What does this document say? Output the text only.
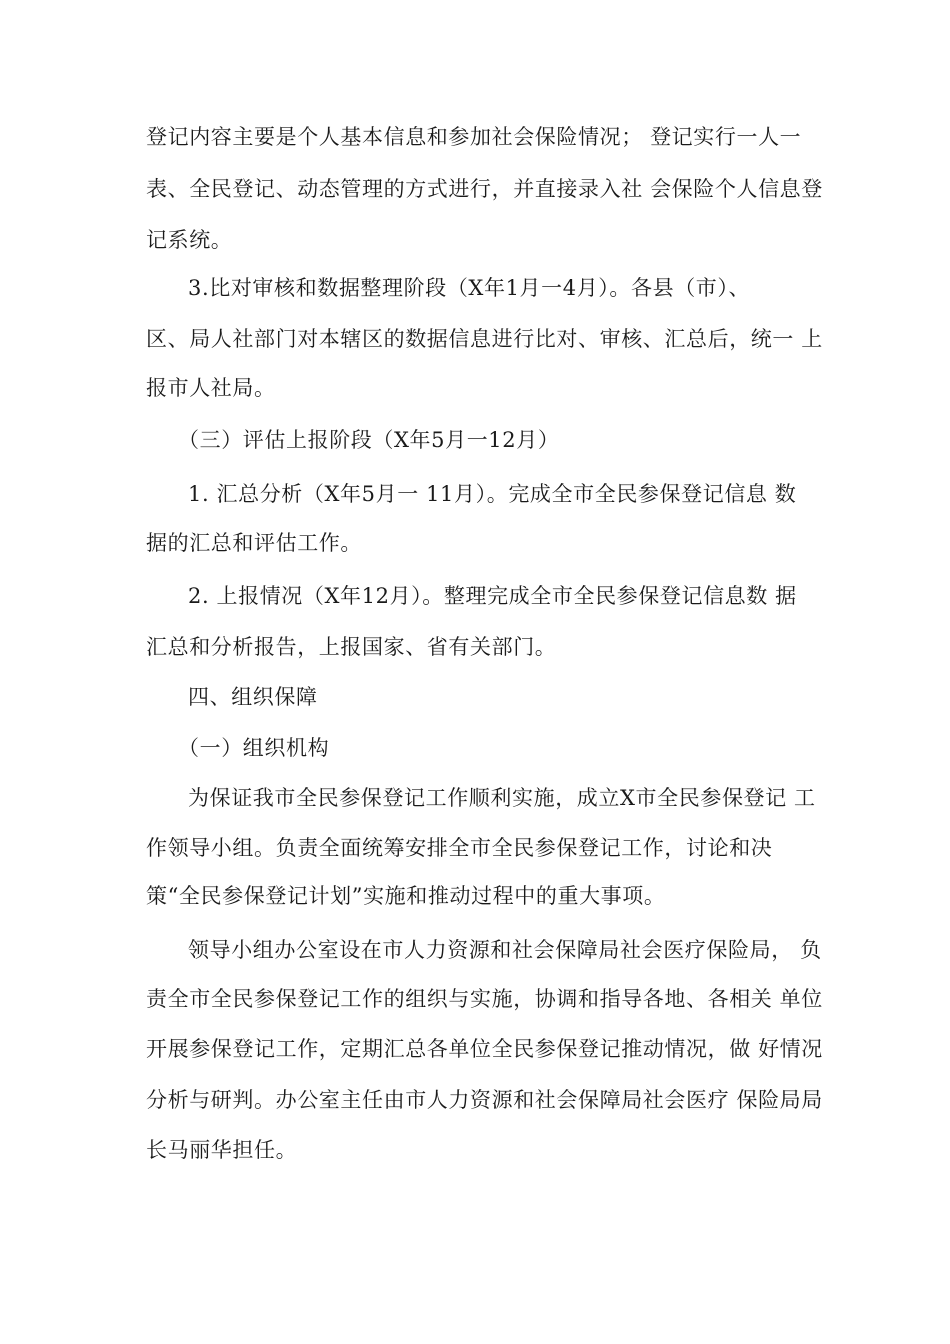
登记内容主要是个人基本信息和参加社会保险情况； 登记实行一人一
表、全民登记、动态管理的方式进行，并直接录入社 会保险个人信息登
记系统。
3.比对审核和数据整理阶段（X年1月一4月）。各县（市）、
区、局人社部门对本辖区的数据信息进行比对、审核、汇总后，统一 上
报市人社局。
（三）评估上报阶段（X年5月一12月）
1. 汇总分析（X年5月一 11月）。完成全市全民参保登记信息 数
据的汇总和评估工作。
2. 上报情况（X年12月）。整理完成全市全民参保登记信息数 据
汇总和分析报告，上报国家、省有关部门。
四、组织保障
（一）组织机构
为保证我市全民参保登记工作顺利实施，成立X市全民参保登记 工
作领导小组。负责全面统筹安排全市全民参保登记工作，讨论和决
策“全民参保登记计划”实施和推动过程中的重大事项。
领导小组办公室设在市人力资源和社会保障局社会医疗保险局， 负
责全市全民参保登记工作的组织与实施，协调和指导各地、各相关 单位
开展参保登记工作，定期汇总各单位全民参保登记推动情况，做 好情况
分析与研判。办公室主任由市人力资源和社会保障局社会医疗 保险局局
长马丽华担任。
